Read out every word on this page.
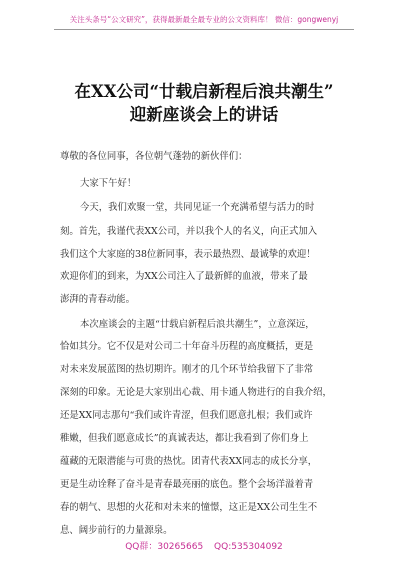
关注头条号“公文研究”，获得最新最全最专业的公文资料库！ 微信：gongwenyj
在XX公司“廿载启新程后浪共潮生”
迎新座谈会上的讲话
尊敬的各位同事，各位朝气蓬勃的新伙伴们：
大家下午好！
今天，我们欢聚一堂，共同见证一个充满希望与活力的时
刻。首先，我谨代表XX公司，并以我个人的名义，向正式加入
我们这个大家庭的38位新同事，表示最热烈、最诚挚的欢迎！
欢迎你们的到来，为XX公司注入了最新鲜的血液，带来了最
澎湃的青春动能。
本次座谈会的主题“廿载启新程后浪共潮生”，立意深远，
恰如其分。它不仅是对公司二十年奋斗历程的高度概括，更是
对未来发展蓝图的热切期许。刚才的几个环节给我留下了非常
深刻的印象。无论是大家别出心裁、用卡通人物进行的自我介绍，
还是XX同志那句“我们或许青涩，但我们愿意扎根；我们或许
稚嫩，但我们愿意成长”的真诚表达，都让我看到了你们身上
蕴藏的无限潜能与可贵的热忱。团青代表XX同志的成长分享，
更是生动诠释了奋斗是青春最亮丽的底色。整个会场洋溢着青
春的朝气、思想的火花和对未来的憧憬，这正是XX公司生生不
息、阔步前行的力量源泉。
QQ群：30265665 QQ:535304092
